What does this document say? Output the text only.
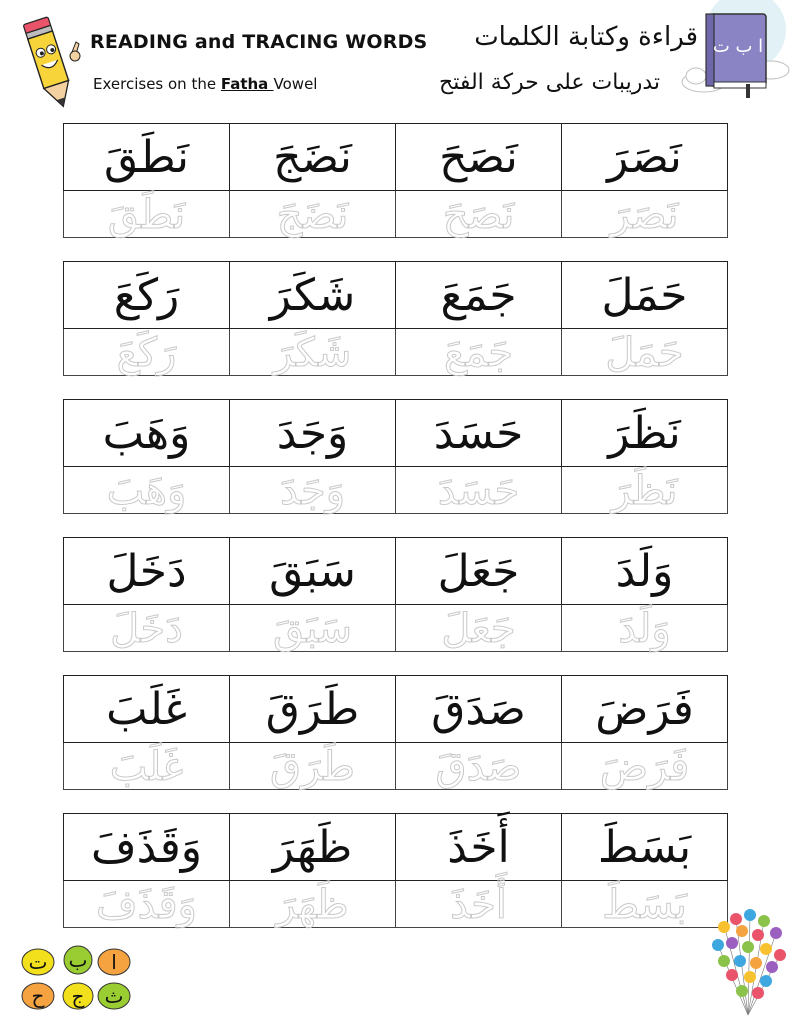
READING and TRACING WORDS
Exercises on the Fatha Vowel
قراءة وكتابة الكلمات
تدريبات على حركة الفتح
ا ب ت
نَصَرَ
نَصَحَ
نَضَجَ
نَطَقَ
نَصَرَ
نَصَحَ
نَضَجَ
نَطَقَ
حَمَلَ
جَمَعَ
شَكَرَ
رَكَعَ
حَمَلَ
جَمَعَ
شَكَرَ
رَكَعَ
نَظَرَ
حَسَدَ
وَجَدَ
وَهَبَ
نَظَرَ
حَسَدَ
وَجَدَ
وَهَبَ
وَلَدَ
جَعَلَ
سَبَقَ
دَخَلَ
وَلَدَ
جَعَلَ
سَبَقَ
دَخَلَ
فَرَضَ
صَدَقَ
طَرَقَ
غَلَبَ
فَرَضَ
صَدَقَ
طَرَقَ
غَلَبَ
بَسَطَ
أَخَذَ
ظَهَرَ
وَقَذَفَ
بَسَطَ
أَخَذَ
ظَهَرَ
وَقَذَفَ
ا
ب
ت
ث
ج
ح
